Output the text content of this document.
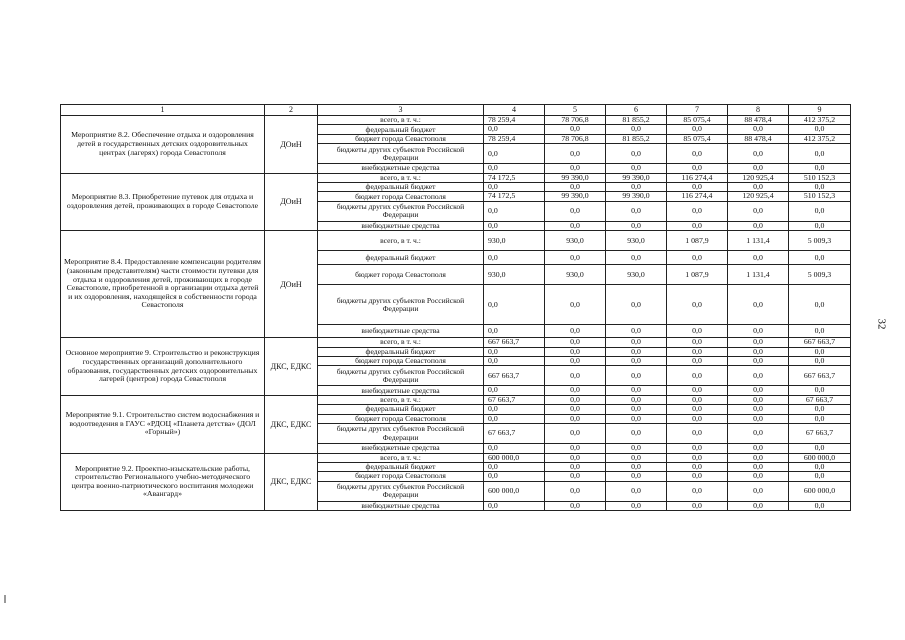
1	2	3	4	5	6	7	8	9
Мероприятие 8.2. Обеспечение отдыха и оздоровления детей в государственных детских оздоровительных центрах (лагерях) города Севастополя	ДОиН	всего, в т. ч.:	78 259,4	78 706,8	81 855,2	85 075,4	88 478,4	412 375,2
		федеральный бюджет	0,0	0,0	0,0	0,0	0,0	0,0
		бюджет города Севастополя	78 259,4	78 706,8	81 855,2	85 075,4	88 478,4	412 375,2
		бюджеты других субъектов Российской Федерации	0,0	0,0	0,0	0,0	0,0	0,0
		внебюджетные средства	0,0	0,0	0,0	0,0	0,0	0,0
Мероприятие 8.3. Приобретение путевок для отдыха и оздоровления детей, проживающих в городе Севастополе	ДОиН	всего, в т. ч.:	74 172,5	99 390,0	99 390,0	116 274,4	120 925,4	510 152,3
		федеральный бюджет	0,0	0,0	0,0	0,0	0,0	0,0
		бюджет города Севастополя	74 172,5	99 390,0	99 390,0	116 274,4	120 925,4	510 152,3
		бюджеты других субъектов Российской Федерации	0,0	0,0	0,0	0,0	0,0	0,0
		внебюджетные средства	0,0	0,0	0,0	0,0	0,0	0,0
Мероприятие 8.4. Предоставление компенсации родителям (законным представителям) части стоимости путевки для отдыха и оздоровления детей, проживающих в городе Севастополе, приобретенной в организации отдыха детей и их оздоровления, находящейся в собственности города Севастополя	ДОиН	всего, в т. ч.:	930,0	930,0	930,0	1 087,9	1 131,4	5 009,3
		федеральный бюджет	0,0	0,0	0,0	0,0	0,0	0,0
		бюджет города Севастополя	930,0	930,0	930,0	1 087,9	1 131,4	5 009,3
		бюджеты других субъектов Российской Федерации	0,0	0,0	0,0	0,0	0,0	0,0
		внебюджетные средства	0,0	0,0	0,0	0,0	0,0	0,0
Основное мероприятие 9. Строительство и реконструкция государственных организаций дополнительного образования, государственных детских оздоровительных лагерей (центров) города Севастополя	ДКС, ЕДКС	всего, в т. ч.:	667 663,7	0,0	0,0	0,0	0,0	667 663,7
		федеральный бюджет	0,0	0,0	0,0	0,0	0,0	0,0
		бюджет города Севастополя	0,0	0,0	0,0	0,0	0,0	0,0
		бюджеты других субъектов Российской Федерации	667 663,7	0,0	0,0	0,0	0,0	667 663,7
		внебюджетные средства	0,0	0,0	0,0	0,0	0,0	0,0
Мероприятие 9.1. Строительство систем водоснабжения и водоотведения в ГАУС «РДОЦ «Планета детства» (ДОЛ «Горный»)	ДКС, ЕДКС	всего, в т. ч.:	67 663,7	0,0	0,0	0,0	0,0	67 663,7
		федеральный бюджет	0,0	0,0	0,0	0,0	0,0	0,0
		бюджет города Севастополя	0,0	0,0	0,0	0,0	0,0	0,0
		бюджеты других субъектов Российской Федерации	67 663,7	0,0	0,0	0,0	0,0	67 663,7
		внебюджетные средства	0,0	0,0	0,0	0,0	0,0	0,0
Мероприятие 9.2. Проектно-изыскательские работы, строительство Регионального учебно-методического центра военно-патриотического воспитания молодежи «Авангард»	ДКС, ЕДКС	всего, в т. ч.:	600 000,0	0,0	0,0	0,0	0,0	600 000,0
		федеральный бюджет	0,0	0,0	0,0	0,0	0,0	0,0
		бюджет города Севастополя	0,0	0,0	0,0	0,0	0,0	0,0
		бюджеты других субъектов Российской Федерации	600 000,0	0,0	0,0	0,0	0,0	600 000,0
		внебюджетные средства	0,0	0,0	0,0	0,0	0,0	0,0
32
